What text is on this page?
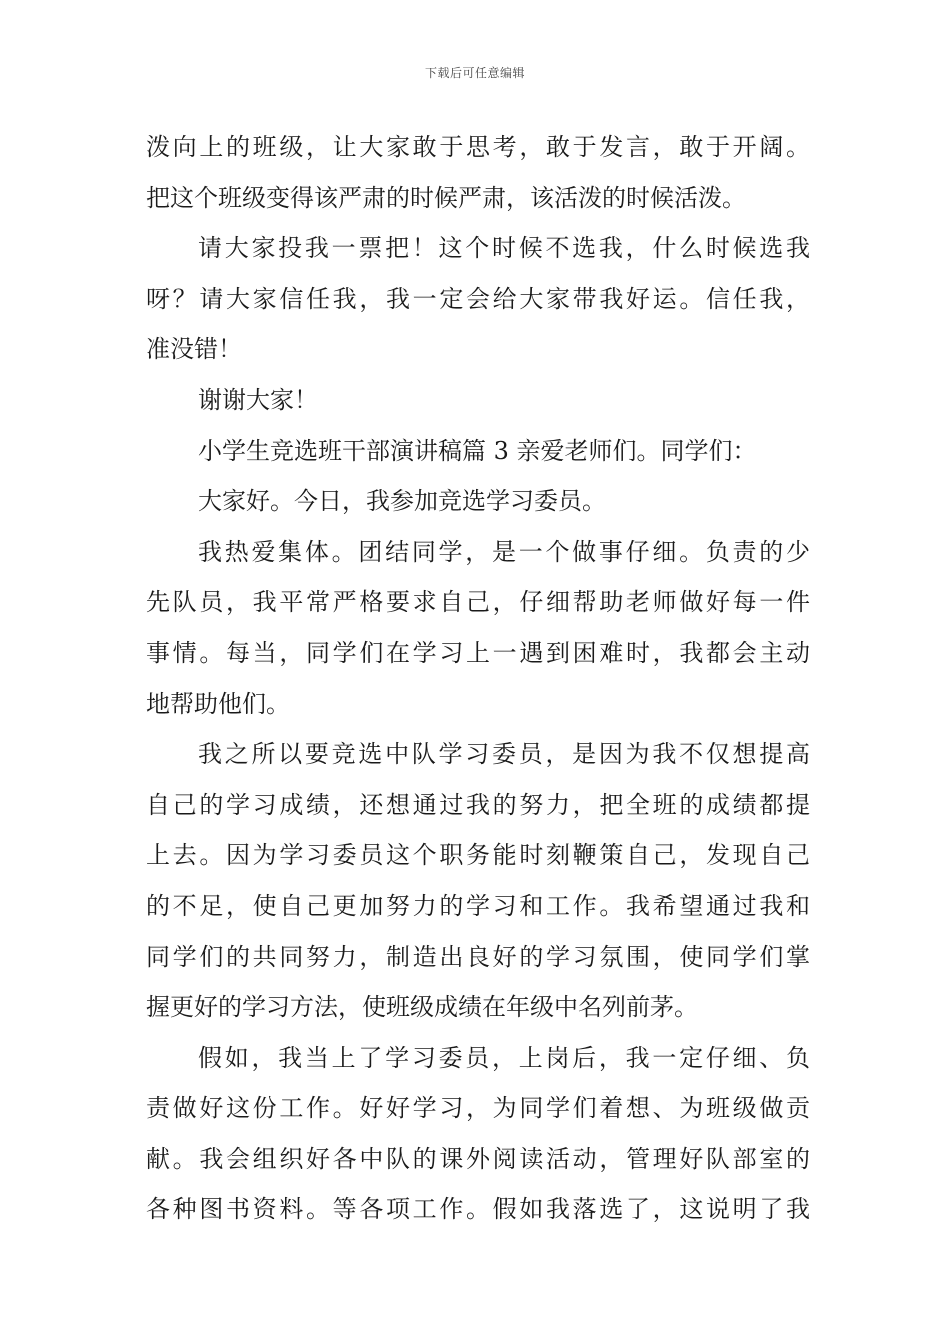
下载后可任意编辑
泼向上的班级，让大家敢于思考，敢于发言，敢于开阔。
把这个班级变得该严肃的时候严肃，该活泼的时候活泼。
请大家投我一票把！这个时候不选我，什么时候选我
呀？请大家信任我，我一定会给大家带我好运。信任我，
准没错！
谢谢大家！
小学生竞选班干部演讲稿篇 3 亲爱老师们。同学们：
大家好。今日，我参加竞选学习委员。
我热爱集体。团结同学，是一个做事仔细。负责的少
先队员，我平常严格要求自己，仔细帮助老师做好每一件
事情。每当，同学们在学习上一遇到困难时，我都会主动
地帮助他们。
我之所以要竞选中队学习委员，是因为我不仅想提高
自己的学习成绩，还想通过我的努力，把全班的成绩都提
上去。因为学习委员这个职务能时刻鞭策自己，发现自己
的不足，使自己更加努力的学习和工作。我希望通过我和
同学们的共同努力，制造出良好的学习氛围，使同学们掌
握更好的学习方法，使班级成绩在年级中名列前茅。
假如，我当上了学习委员，上岗后，我一定仔细、负
责做好这份工作。好好学习，为同学们着想、为班级做贡
献。我会组织好各中队的课外阅读活动，管理好队部室的
各种图书资料。等各项工作。假如我落选了，这说明了我
